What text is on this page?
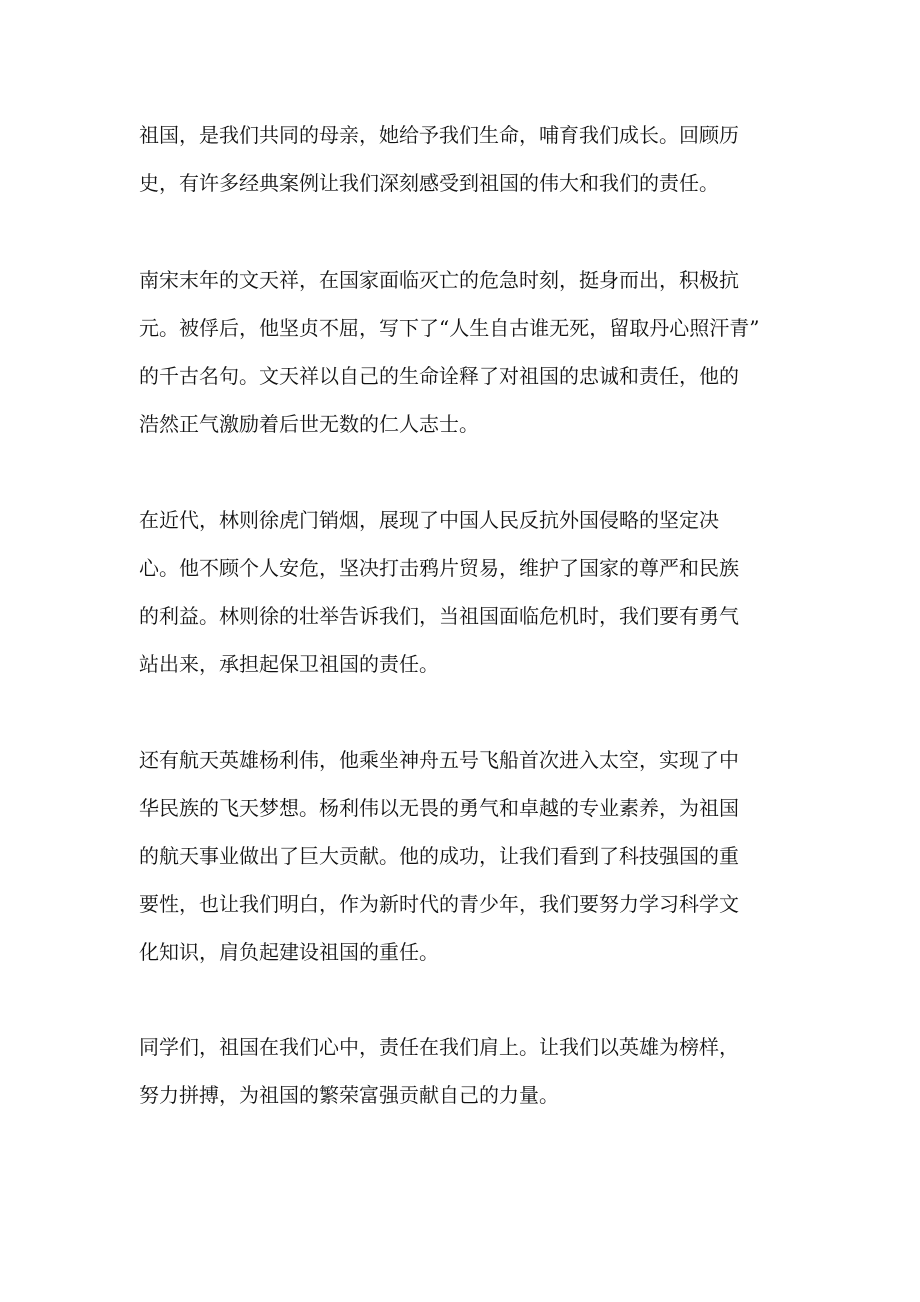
祖国，是我们共同的母亲，她给予我们生命，哺育我们成长。回顾历
史，有许多经典案例让我们深刻感受到祖国的伟大和我们的责任。
南宋末年的文天祥，在国家面临灭亡的危急时刻，挺身而出，积极抗
元。被俘后，他坚贞不屈，写下了“人生自古谁无死，留取丹心照汗青”
的千古名句。文天祥以自己的生命诠释了对祖国的忠诚和责任，他的
浩然正气激励着后世无数的仁人志士。
在近代，林则徐虎门销烟，展现了中国人民反抗外国侵略的坚定决
心。他不顾个人安危，坚决打击鸦片贸易，维护了国家的尊严和民族
的利益。林则徐的壮举告诉我们，当祖国面临危机时，我们要有勇气
站出来，承担起保卫祖国的责任。
还有航天英雄杨利伟，他乘坐神舟五号飞船首次进入太空，实现了中
华民族的飞天梦想。杨利伟以无畏的勇气和卓越的专业素养，为祖国
的航天事业做出了巨大贡献。他的成功，让我们看到了科技强国的重
要性，也让我们明白，作为新时代的青少年，我们要努力学习科学文
化知识，肩负起建设祖国的重任。
同学们，祖国在我们心中，责任在我们肩上。让我们以英雄为榜样，
努力拼搏，为祖国的繁荣富强贡献自己的力量。
